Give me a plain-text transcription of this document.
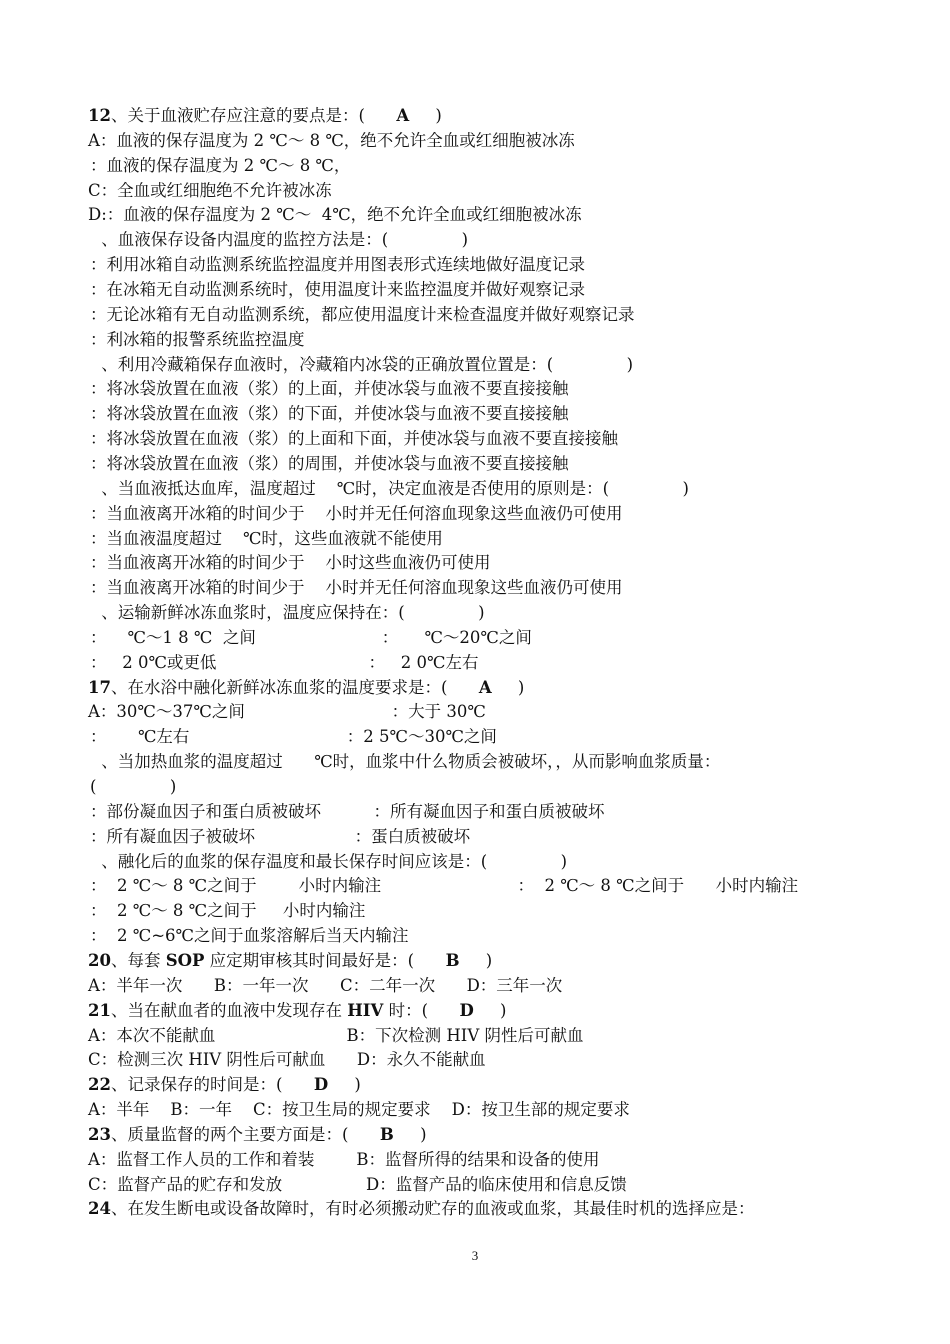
12、关于血液贮存应注意的要点是：(      A     )
A：血液的保存温度为 2 ℃～ 8 ℃，绝不允许全血或红细胞被冰冻
：血液的保存温度为 2 ℃～ 8 ℃，
C：全血或红细胞绝不允许被冰冻
D:：血液的保存温度为 2 ℃～  4℃，绝不允许全血或红细胞被冰冻
、血液保存设备内温度的监控方法是：(              )
：利用冰箱自动监测系统监控温度并用图表形式连续地做好温度记录
：在冰箱无自动监测系统时，使用温度计来监控温度并做好观察记录
：无论冰箱有无自动监测系统，都应使用温度计来检查温度并做好观察记录
：利冰箱的报警系统监控温度
、利用冷藏箱保存血液时，冷藏箱内冰袋的正确放置位置是：(              )
：将冰袋放置在血液（浆）的上面，并使冰袋与血液不要直接接触
：将冰袋放置在血液（浆）的下面，并使冰袋与血液不要直接接触
：将冰袋放置在血液（浆）的上面和下面，并使冰袋与血液不要直接接触
：将冰袋放置在血液（浆）的周围，并使冰袋与血液不要直接接触
、当血液抵达血库，温度超过    ℃时，决定血液是否使用的原则是：(              )
：当血液离开冰箱的时间少于    小时并无任何溶血现象这些血液仍可使用
：当血液温度超过    ℃时，这些血液就不能使用
：当血液离开冰箱的时间少于    小时这些血液仍可使用
：当血液离开冰箱的时间少于    小时并无任何溶血现象这些血液仍可使用
、运输新鲜冰冻血浆时，温度应保持在：(              )
：    ℃～1 8 ℃  之间                        ：     ℃～20℃之间
：   2 0℃或更低                             ：   2 0℃左右
17、在水浴中融化新鲜冰冻血浆的温度要求是：(      A     )
A：30℃～37℃之间                            ：大于 30℃
：      ℃左右                              ：2 5℃～30℃之间
、当加热血浆的温度超过      ℃时，血浆中什么物质会被破坏，，从而影响血浆质量：
(              )
：部份凝血因子和蛋白质被破坏          ：所有凝血因子和蛋白质被破坏
：所有凝血因子被破坏                   ：蛋白质被破坏
、融化后的血浆的保存温度和最长保存时间应该是：(              )
：  2 ℃～ 8 ℃之间于        小时内输注                          ：  2 ℃～ 8 ℃之间于      小时内输注
：  2 ℃～ 8 ℃之间于     小时内输注
：  2 ℃~6℃之间于血浆溶解后当天内输注
20、每套 SOP 应定期审核其时间最好是：(      B     )
A：半年一次      B：一年一次      C：二年一次      D：三年一次
21、当在献血者的血液中发现存在 HIV 时：(      D     )
A：本次不能献血                         B：下次检测 HIV 阴性后可献血
C：检测三次 HIV 阴性后可献血      D：永久不能献血
22、记录保存的时间是：(      D     )
A：半年    B：一年    C：按卫生局的规定要求    D：按卫生部的规定要求
23、质量监督的两个主要方面是：(      B     )
A：监督工作人员的工作和着装        B：监督所得的结果和设备的使用
C：监督产品的贮存和发放                D：监督产品的临床使用和信息反馈
24、在发生断电或设备故障时，有时必须搬动贮存的血液或血浆，其最佳时机的选择应是：
3
